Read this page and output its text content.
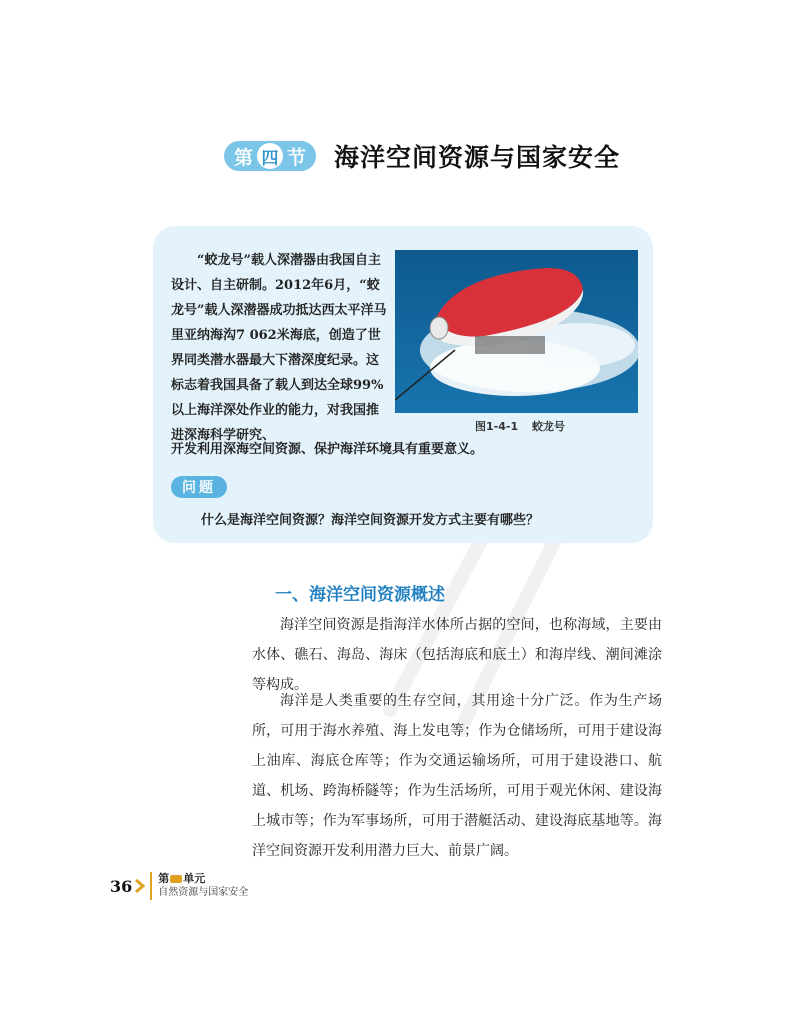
第 四 节 海洋空间资源与国家安全
“蛟龙号”载人深潜器由我国自主设计、自主研制。2012年6月，“蛟龙号”载人深潜器成功抵达西太平洋马里亚纳海沟7 062米海底，创造了世界同类潜水器最大下潜深度纪录。这标志着我国具备了载人到达全球99%以上海洋深处作业的能力，对我国推进深海科学研究、
图1-4-1 蛟龙号
开发利用深海空间资源、保护海洋环境具有重要意义。
问题
什么是海洋空间资源？海洋空间资源开发方式主要有哪些？
一、海洋空间资源概述
海洋空间资源是指海洋水体所占据的空间，也称海域，主要由水体、礁石、海岛、海床（包括海底和底土）和海岸线、潮间滩涂等构成。
海洋是人类重要的生存空间，其用途十分广泛。作为生产场所，可用于海水养殖、海上发电等；作为仓储场所，可用于建设海上油库、海底仓库等；作为交通运输场所，可用于建设港口、航道、机场、跨海桥隧等；作为生活场所，可用于观光休闲、建设海上城市等；作为军事场所，可用于潜艇活动、建设海底基地等。海洋空间资源开发利用潜力巨大、前景广阔。
36 第 单元
自然资源与国家安全
